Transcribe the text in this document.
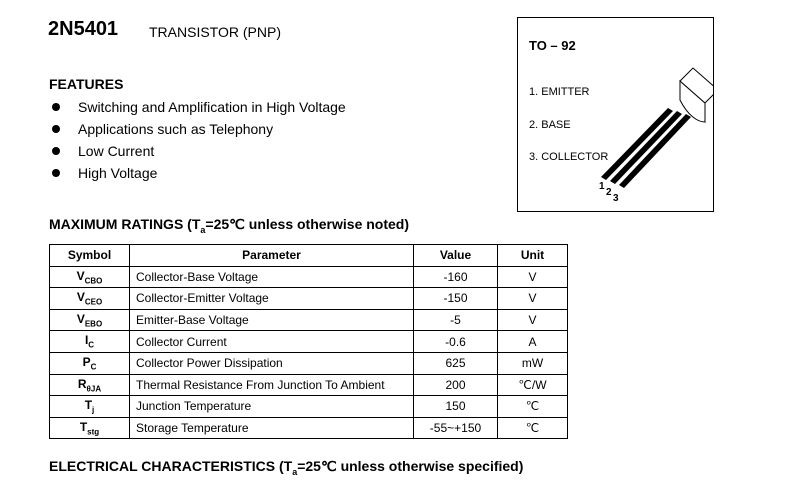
2N5401 TRANSISTOR (PNP)
FEATURES
Switching and Amplification in High Voltage
Applications such as Telephony
Low Current
High Voltage
TO – 92
1. EMITTER
2. BASE
3. COLLECTOR
1
2
3
MAXIMUM RATINGS ($T_a=25℃$ unless otherwise noted)
Symbol	Parameter	Value	Unit
$V_{CBO}$	Collector-Base Voltage	-160	V
$V_{CEO}$	Collector-Emitter Voltage	-150	V
$V_{EBO}$	Emitter-Base Voltage	-5	V
$I_C$	Collector Current	-0.6	A
$P_C$	Collector Power Dissipation	625	mW
$R_{\theta JA}$	Thermal Resistance From Junction To Ambient	200	℃/W
$T_j$	Junction Temperature	150	℃
$T_{stg}$	Storage Temperature	-55~+150	℃
ELECTRICAL CHARACTERISTICS ($T_a=25℃$ unless otherwise specified)
